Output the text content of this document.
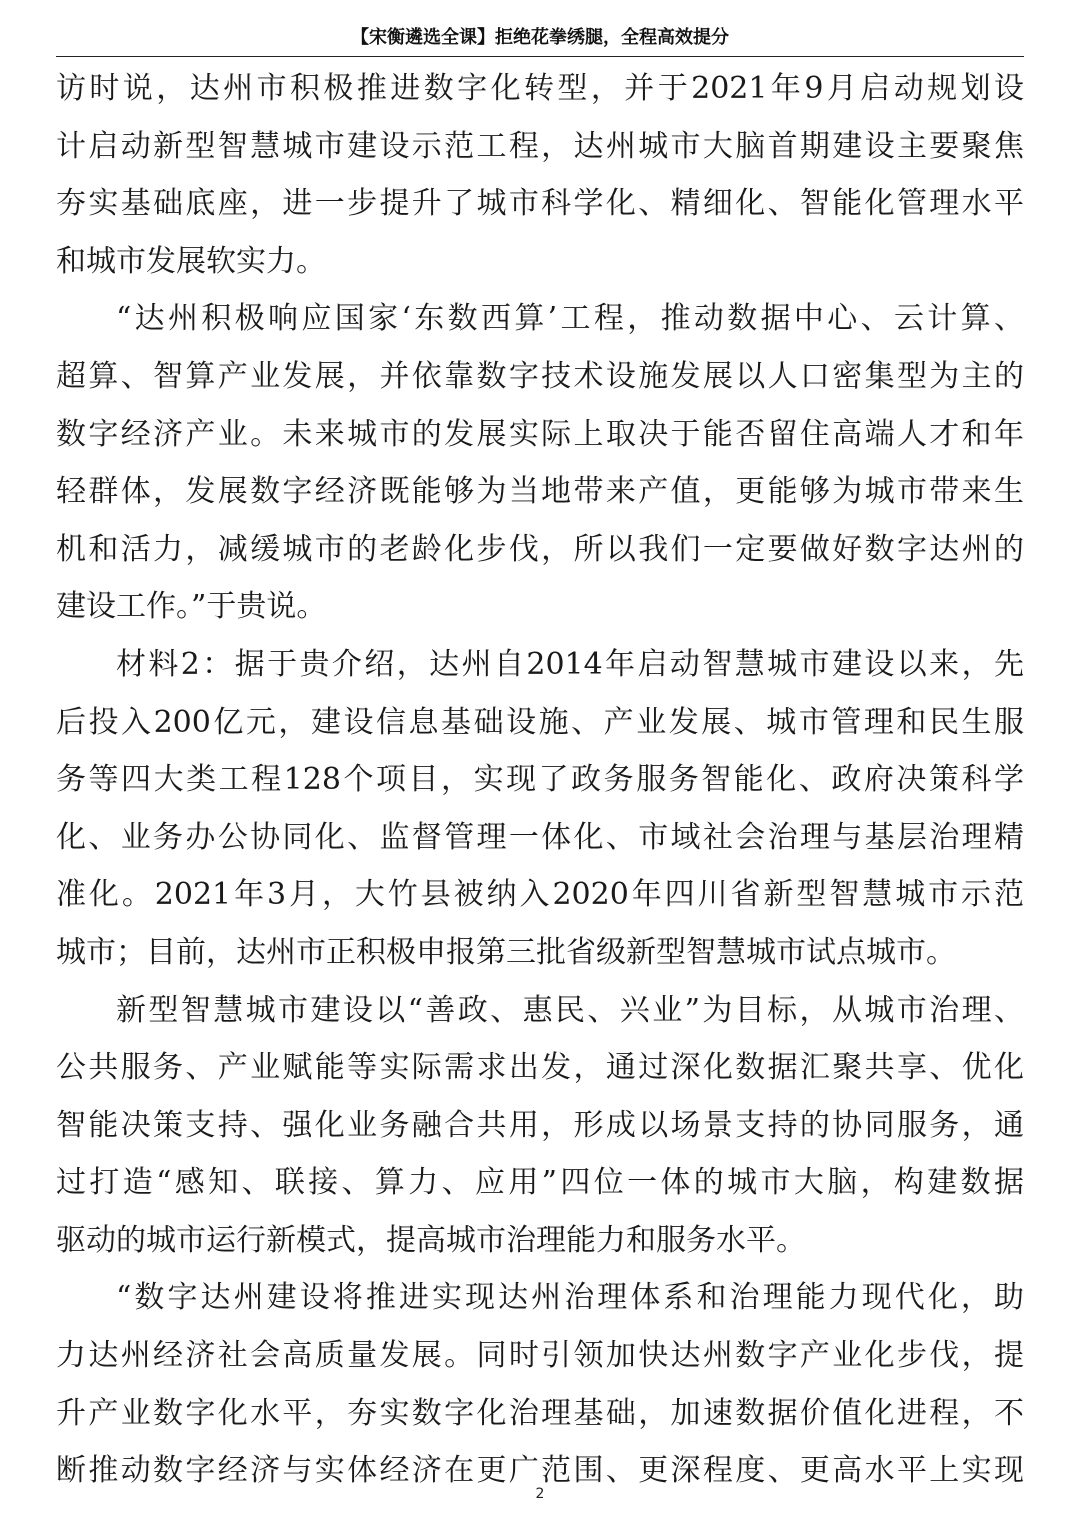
【宋衡遴选全课】拒绝花拳绣腿，全程高效提分
访时说，达州市积极推进数字化转型，并于2021年9月启动规划设
计启动新型智慧城市建设示范工程，达州城市大脑首期建设主要聚焦
夯实基础底座，进一步提升了城市科学化、精细化、智能化管理水平
和城市发展软实力。
“达州积极响应国家‘东数西算’工程，推动数据中心、云计算、
超算、智算产业发展，并依靠数字技术设施发展以人口密集型为主的
数字经济产业。未来城市的发展实际上取决于能否留住高端人才和年
轻群体，发展数字经济既能够为当地带来产值，更能够为城市带来生
机和活力，减缓城市的老龄化步伐，所以我们一定要做好数字达州的
建设工作。”于贵说。
材料2：据于贵介绍，达州自2014年启动智慧城市建设以来，先
后投入200亿元，建设信息基础设施、产业发展、城市管理和民生服
务等四大类工程128个项目，实现了政务服务智能化、政府决策科学
化、业务办公协同化、监督管理一体化、市域社会治理与基层治理精
准化。2021年3月，大竹县被纳入2020年四川省新型智慧城市示范
城市；目前，达州市正积极申报第三批省级新型智慧城市试点城市。
新型智慧城市建设以“善政、惠民、兴业”为目标，从城市治理、
公共服务、产业赋能等实际需求出发，通过深化数据汇聚共享、优化
智能决策支持、强化业务融合共用，形成以场景支持的协同服务，通
过打造“感知、联接、算力、应用”四位一体的城市大脑，构建数据
驱动的城市运行新模式，提高城市治理能力和服务水平。
“数字达州建设将推进实现达州治理体系和治理能力现代化，助
力达州经济社会高质量发展。同时引领加快达州数字产业化步伐，提
升产业数字化水平，夯实数字化治理基础，加速数据价值化进程，不
断推动数字经济与实体经济在更广范围、更深程度、更高水平上实现
2
